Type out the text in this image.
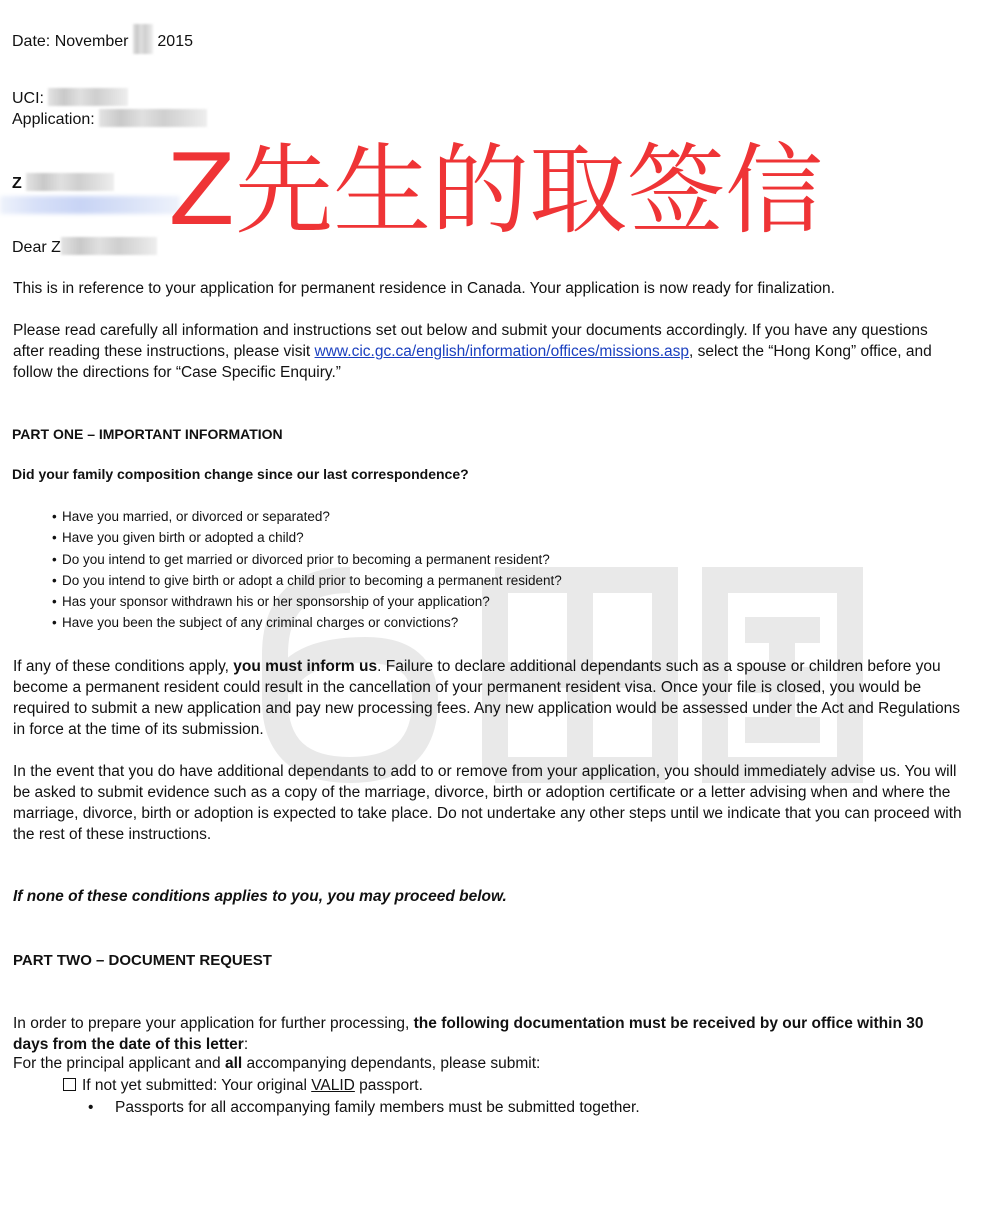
Date: November 2015
UCI:
Application:
Z
Dear Z	Z先生的取签信
This is in reference to your application for permanent residence in Canada. Your application is now ready for finalization.
Please read carefully all information and instructions set out below and submit your documents accordingly. If you have any questions after reading these instructions, please visit www.cic.gc.ca/english/information/offices/missions.asp, select the “Hong Kong” office, and follow the directions for “Case Specific Enquiry.”
PART ONE – IMPORTANT INFORMATION
Did your family composition change since our last correspondence?
• Have you married, or divorced or separated?
• Have you given birth or adopted a child?
• Do you intend to get married or divorced prior to becoming a permanent resident?
• Do you intend to give birth or adopt a child prior to becoming a permanent resident?
• Has your sponsor withdrawn his or her sponsorship of your application?
• Have you been the subject of any criminal charges or convictions?
If any of these conditions apply, you must inform us. Failure to declare additional dependants such as a spouse or children before you become a permanent resident could result in the cancellation of your permanent resident visa. Once your file is closed, you would be required to submit a new application and pay new processing fees. Any new application would be assessed under the Act and Regulations in force at the time of its submission.
In the event that you do have additional dependants to add to or remove from your application, you should immediately advise us. You will be asked to submit evidence such as a copy of the marriage, divorce, birth or adoption certificate or a letter advising when and where the marriage, divorce, birth or adoption is expected to take place. Do not undertake any other steps until we indicate that you can proceed with the rest of these instructions.
If none of these conditions applies to you, you may proceed below.
PART TWO – DOCUMENT REQUEST
In order to prepare your application for further processing, the following documentation must be received by our office within 30 days from the date of this letter:
For the principal applicant and all accompanying dependants, please submit:
If not yet submitted: Your original VALID passport.
• Passports for all accompanying family members must be submitted together.
